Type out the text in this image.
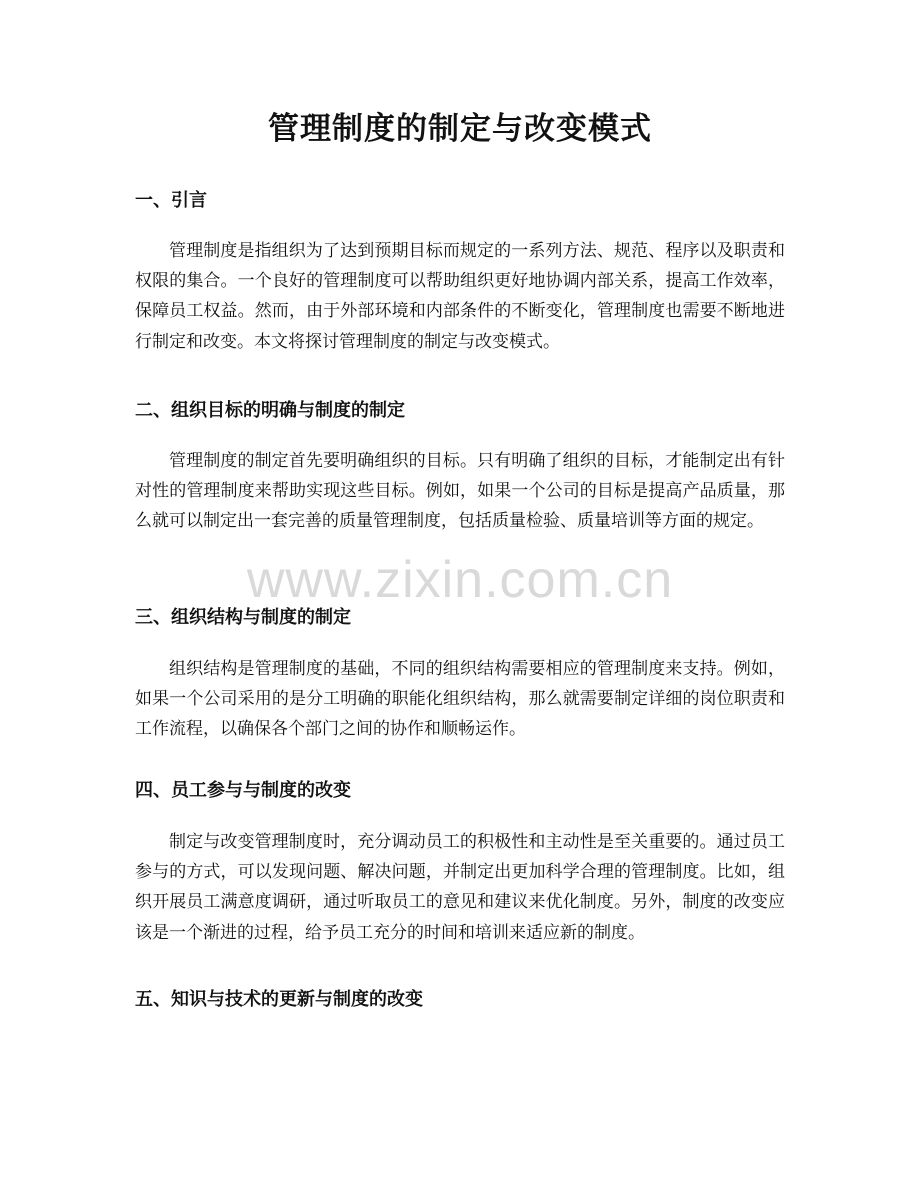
管理制度的制定与改变模式
一、引言

管理制度是指组织为了达到预期目标而规定的一系列方法、规范、程序以及职责和权限的集合。一个良好的管理制度可以帮助组织更好地协调内部关系，提高工作效率，保障员工权益。然而，由于外部环境和内部条件的不断变化，管理制度也需要不断地进行制定和改变。本文将探讨管理制度的制定与改变模式。

二、组织目标的明确与制度的制定

管理制度的制定首先要明确组织的目标。只有明确了组织的目标，才能制定出有针对性的管理制度来帮助实现这些目标。例如，如果一个公司的目标是提高产品质量，那么就可以制定出一套完善的质量管理制度，包括质量检验、质量培训等方面的规定。

三、组织结构与制度的制定

组织结构是管理制度的基础，不同的组织结构需要相应的管理制度来支持。例如，如果一个公司采用的是分工明确的职能化组织结构，那么就需要制定详细的岗位职责和工作流程，以确保各个部门之间的协作和顺畅运作。

四、员工参与与制度的改变

制定与改变管理制度时，充分调动员工的积极性和主动性是至关重要的。通过员工参与的方式，可以发现问题、解决问题，并制定出更加科学合理的管理制度。比如，组织开展员工满意度调研，通过听取员工的意见和建议来优化制度。另外，制度的改变应该是一个渐进的过程，给予员工充分的时间和培训来适应新的制度。

五、知识与技术的更新与制度的改变
www.zixin.com.cn
